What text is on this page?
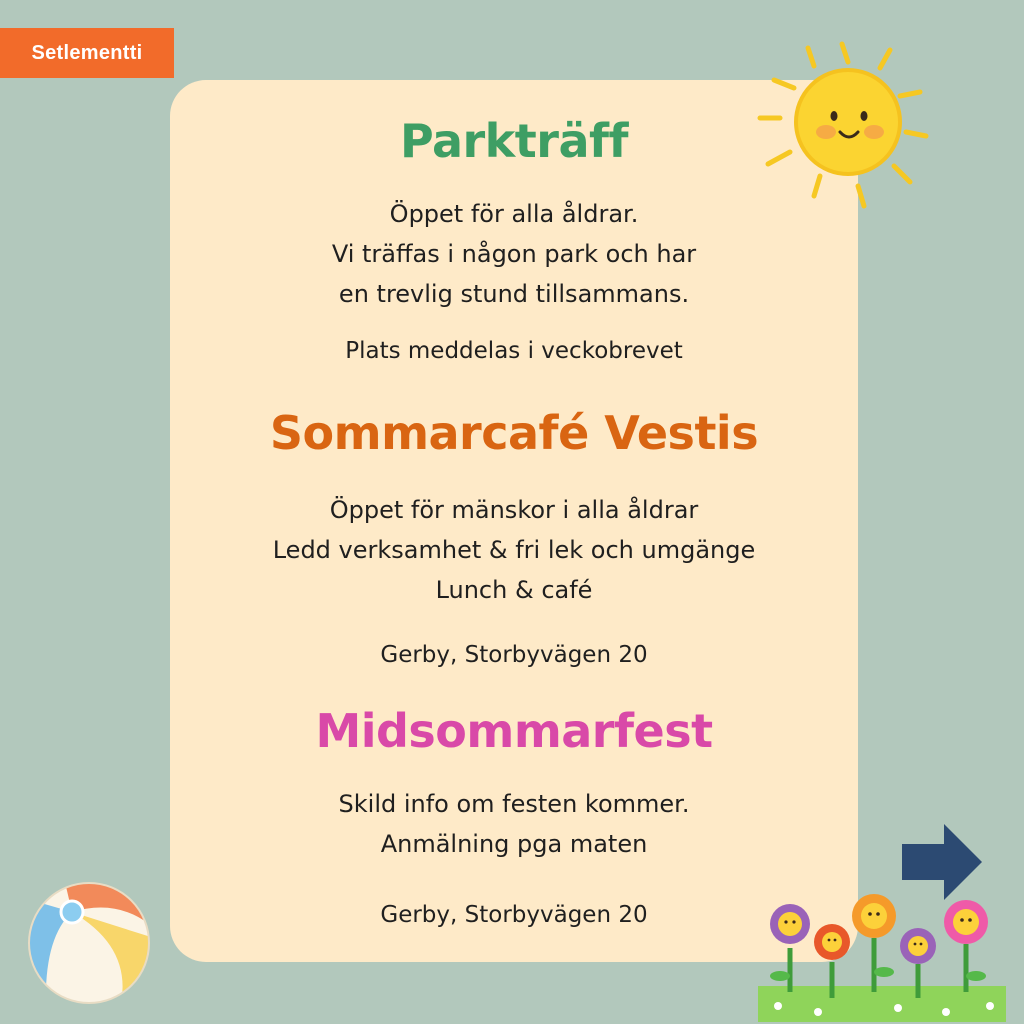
Setlementti
Parkträff

Öppet för alla åldrar.

Vi träffas i någon park och har

en trevlig stund tillsammans.

Plats meddelas i veckobrevet

Sommarcafé Vestis

Öppet för mänskor i alla åldrar

Ledd verksamhet & fri lek och umgänge

Lunch & café

Gerby, Storbyvägen 20

Midsommarfest

Skild info om festen kommer.

Anmälning pga maten

Gerby, Storbyvägen 20
